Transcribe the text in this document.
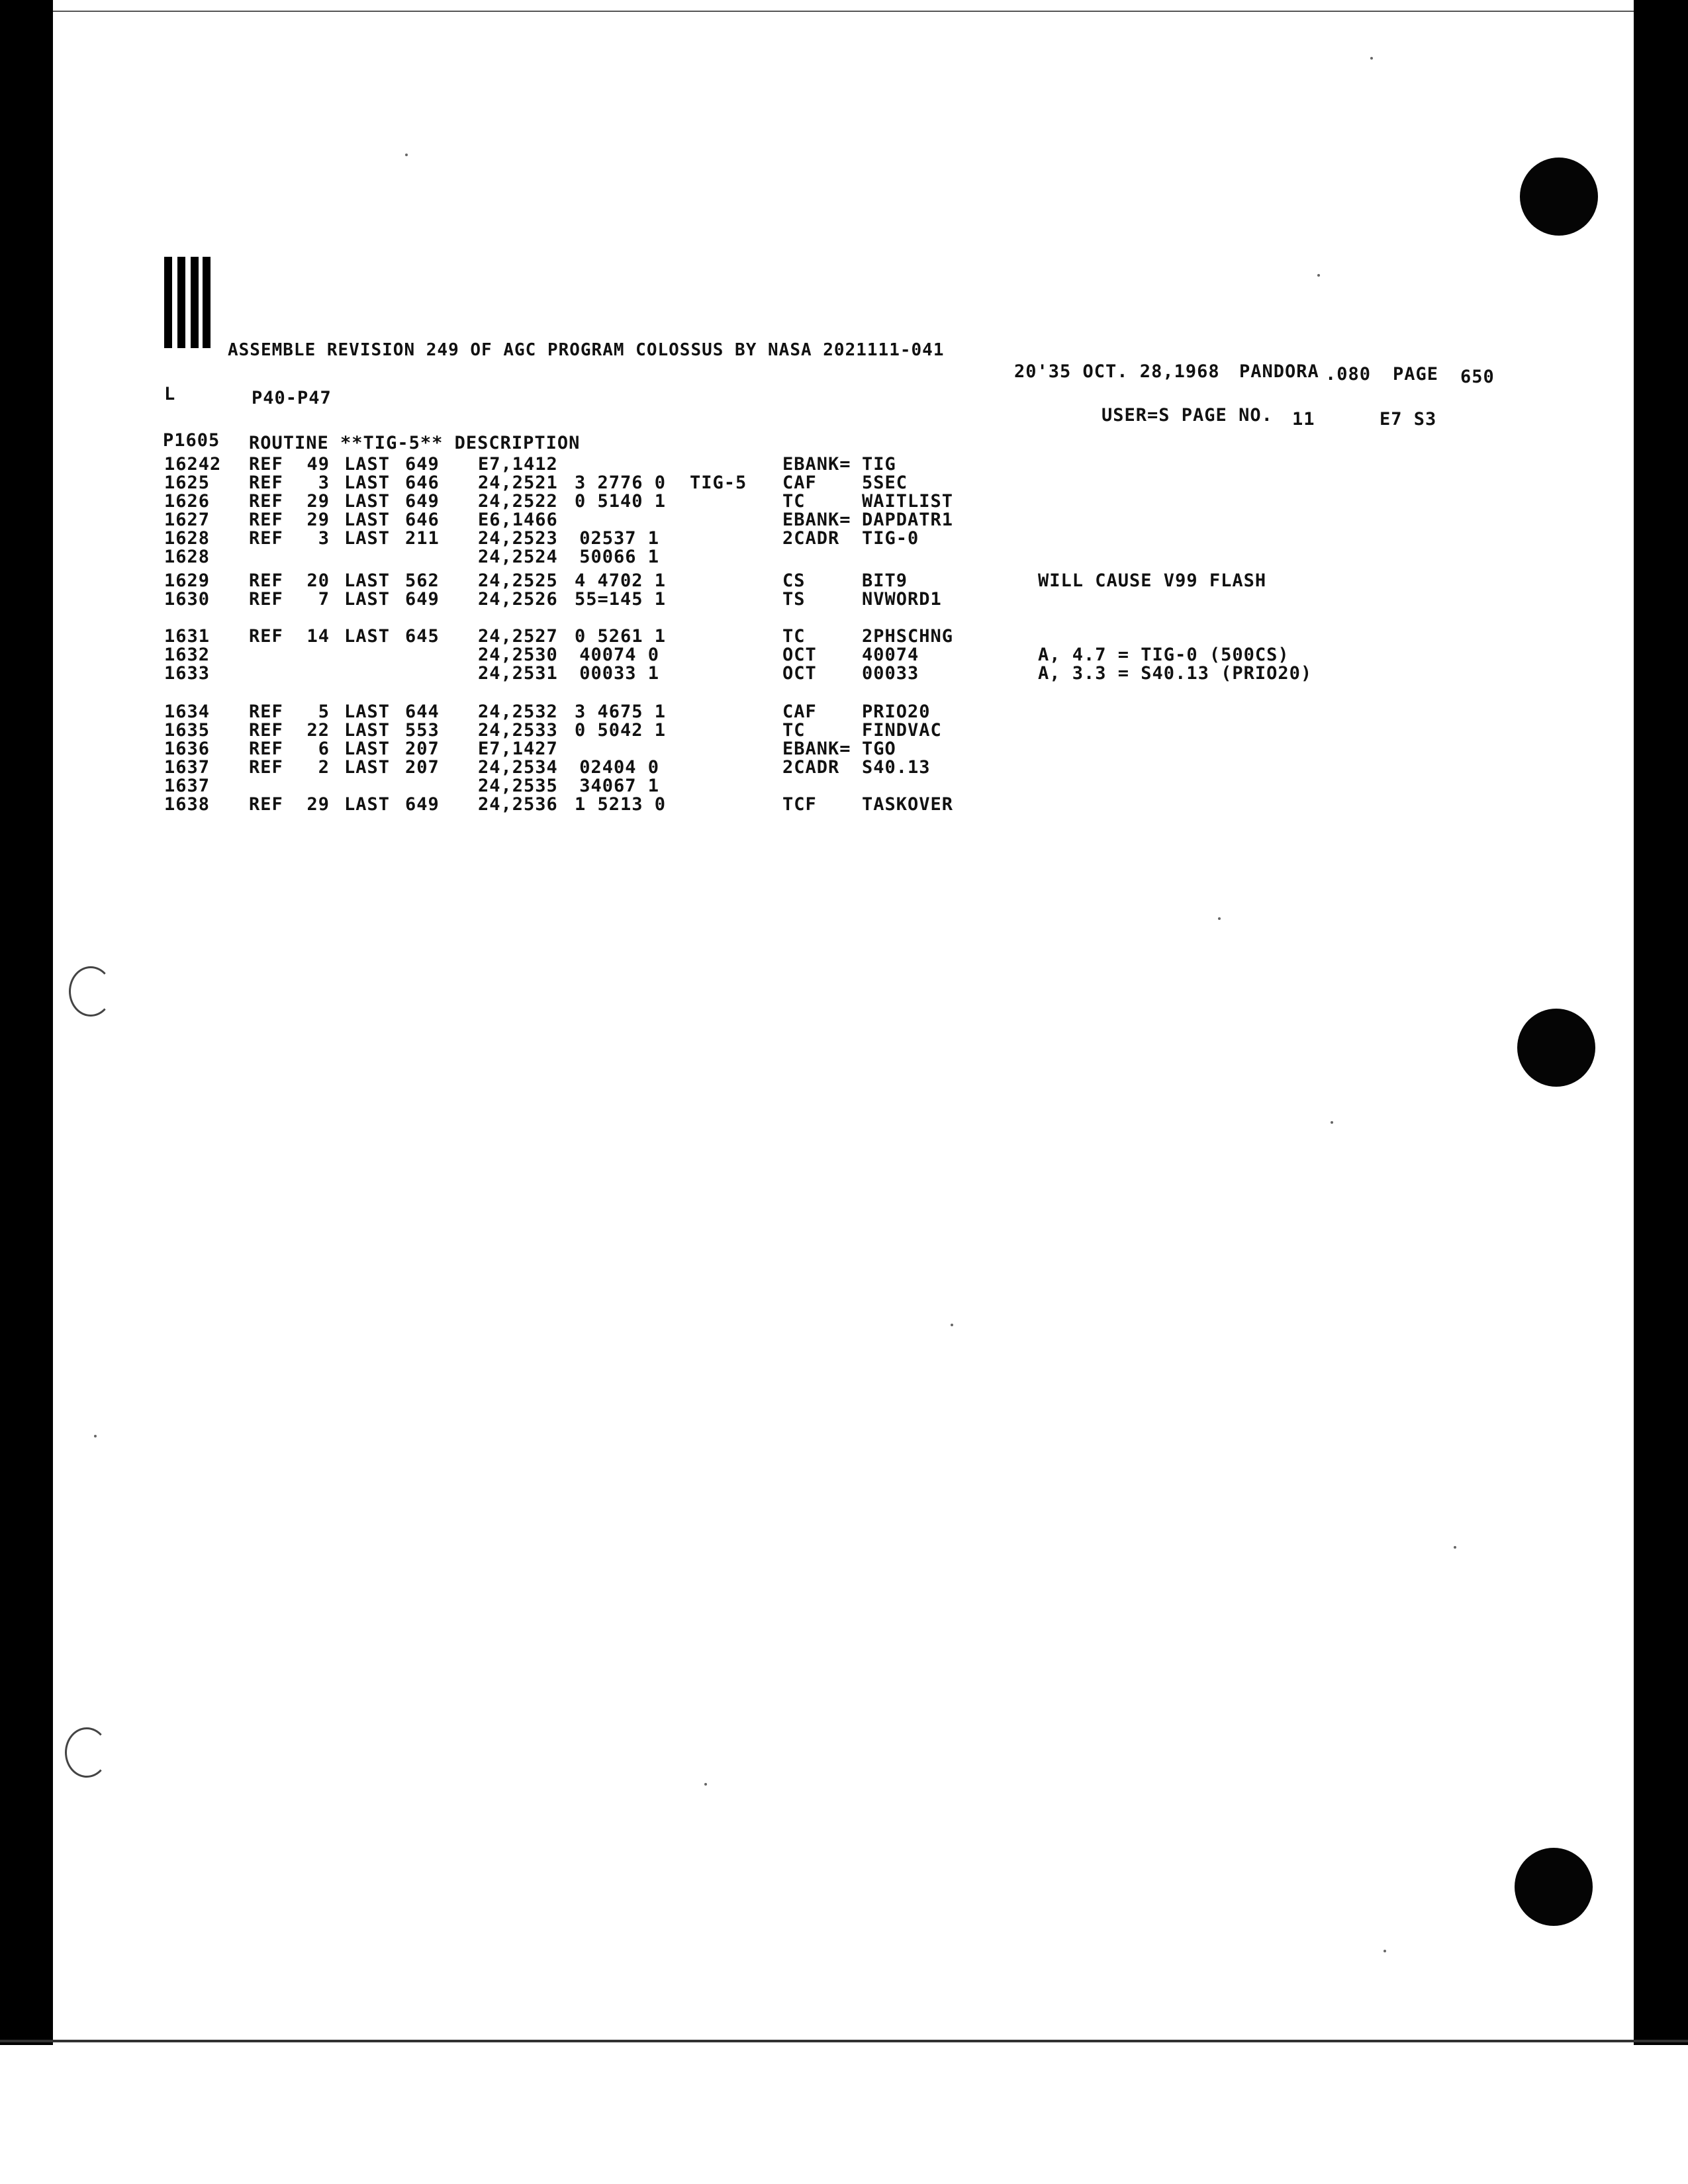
ASSEMBLE REVISION 249 OF AGC PROGRAM COLOSSUS BY NASA 2021111-041
20'35 OCT. 28,1968 PANDORA .080 PAGE 650
L	P40-P47
USER=S PAGE NO. 11	E7 S3
P1605 ROUTINE **TIG-5** DESCRIPTION
16242 REF	49 LAST 649 E7,1412	EBANK= TIG
1625 REF	3 LAST 646 24,2521 3 2776 0 TIG-5 CAF	5SEC
1626 REF	29 LAST 649 24,2522 0 5140 1	TC	WAITLIST
1627 REF	29 LAST 646 E6,1466	EBANK= DAPDATR1
1628 REF	3 LAST 211 24,2523 02537 1	2CADR TIG-0
1628	24,2524 50066 1
1629 REF	20 LAST 562 24,2525 4 4702 1	CS	BIT9	WILL CAUSE V99 FLASH
1630 REF	7 LAST 649 24,2526 55=145 1	TS	NVWORD1
1631 REF	14 LAST 645 24,2527 0 5261 1	TC	2PHSCHNG
1632	24,2530 40074 0	OCT	40074	A, 4.7 = TIG-0 (500CS)
1633	24,2531 00033 1	OCT	00033	A, 3.3 = S40.13 (PRIO20)
1634 REF	5 LAST 644 24,2532 3 4675 1	CAF	PRIO20
1635 REF	22 LAST 553 24,2533 0 5042 1	TC	FINDVAC
1636 REF	6 LAST 207 E7,1427	EBANK= TGO
1637 REF	2 LAST 207 24,2534 02404 0	2CADR S40.13
1637	24,2535 34067 1
1638 REF	29 LAST 649 24,2536 1 5213 0	TCF	TASKOVER
